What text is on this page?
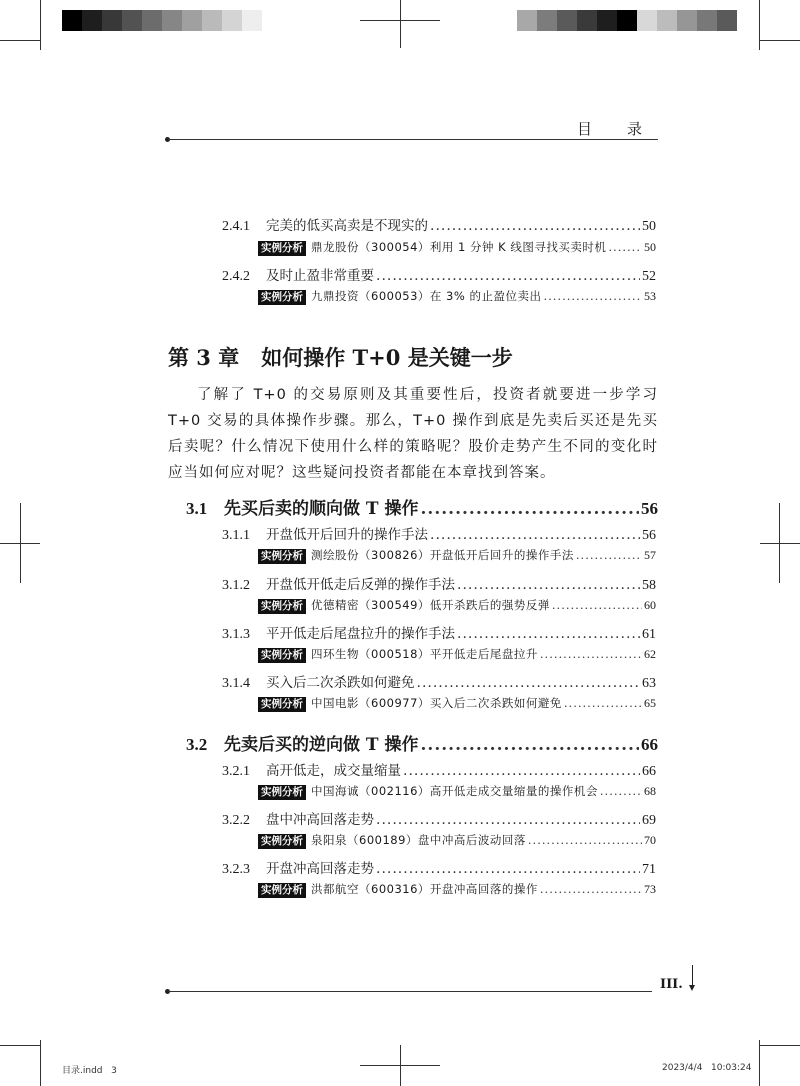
目　录
2.4.1	完美的低买高卖是不现实的 .....	50
实例分析 鼎龙股份（300054）利用 1 分钟 K 线图寻找买卖时机 .....	50
2.4.2	及时止盈非常重要 .....	52
实例分析 九鼎投资（600053）在 3% 的止盈位卖出 .....	53
第 3 章 如何操作 T+0 是关键一步
了解了 T+0 的交易原则及其重要性后，投资者就要进一步学习 T+0 交易的具体操作步骤。那么，T+0 操作到底是先卖后买还是先买后卖呢？什么情况下使用什么样的策略呢？股价走势产生不同的变化时应当如何应对呢？这些疑问投资者都能在本章找到答案。
3.1 先买后卖的顺向做 T 操作 .....	56
3.1.1	开盘低开后回升的操作手法 .....	56
实例分析 测绘股份（300826）开盘低开后回升的操作手法 .....	57
3.1.2	开盘低开低走后反弹的操作手法 .....	58
实例分析 优德精密（300549）低开杀跌后的强势反弹 .....	60
3.1.3	平开低走后尾盘拉升的操作手法 .....	61
实例分析 四环生物（000518）平开低走后尾盘拉升 .....	62
3.1.4	买入后二次杀跌如何避免 .....	63
实例分析 中国电影（600977）买入后二次杀跌如何避免 .....	65
3.2 先卖后买的逆向做 T 操作 .....	66
3.2.1	高开低走，成交量缩量 .....	66
实例分析 中国海诚（002116）高开低走成交量缩量的操作机会 .....	68
3.2.2	盘中冲高回落走势 .....	69
实例分析 泉阳泉（600189）盘中冲高后波动回落 .....	70
3.2.3	开盘冲高回落走势 .....	71
实例分析 洪都航空（600316）开盘冲高回落的操作 .....	73
III.
目录.indd   3	2023/4/4   10:03:24
